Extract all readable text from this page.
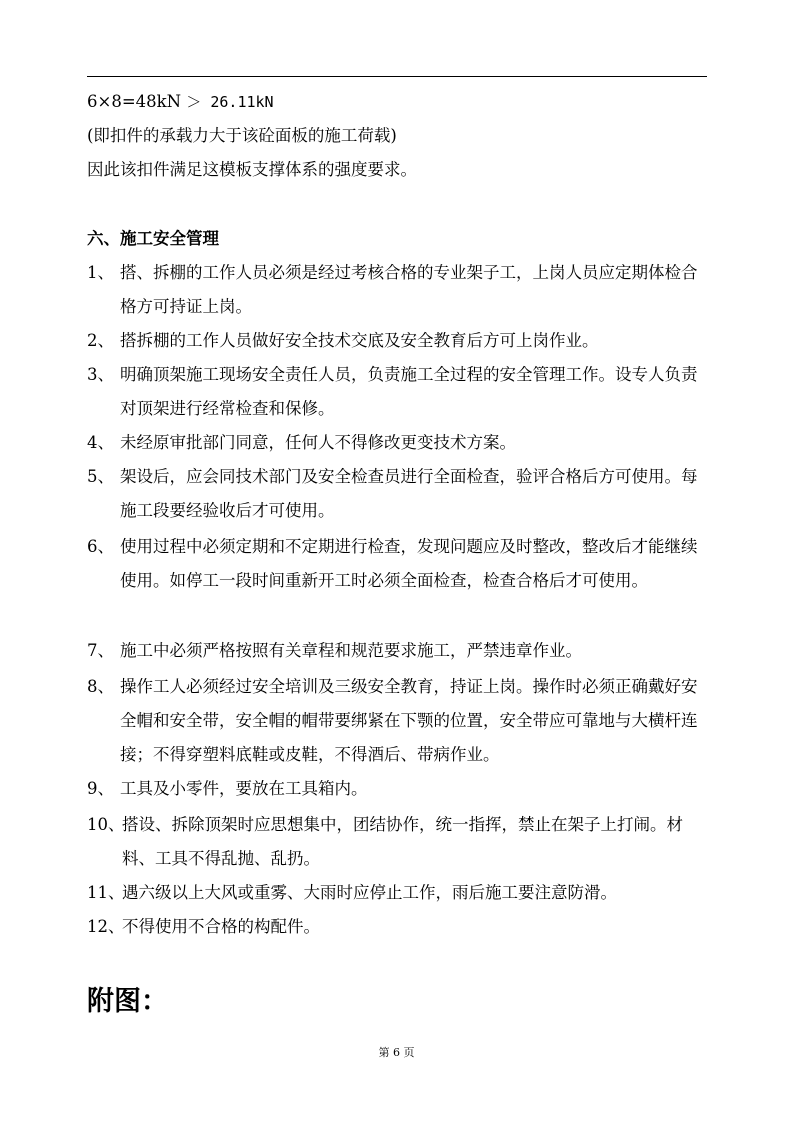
6×8=48kN ＞ 26.11kN
(即扣件的承载力大于该砼面板的施工荷载)
因此该扣件满足这模板支撑体系的强度要求。
六、施工安全管理
1、 搭、拆棚的工作人员必须是经过考核合格的专业架子工，上岗人员应定期体检合格方可持证上岗。
2、 搭拆棚的工作人员做好安全技术交底及安全教育后方可上岗作业。
3、 明确顶架施工现场安全责任人员，负责施工全过程的安全管理工作。设专人负责对顶架进行经常检查和保修。
4、 未经原审批部门同意，任何人不得修改更变技术方案。
5、 架设后，应会同技术部门及安全检查员进行全面检查，验评合格后方可使用。每施工段要经验收后才可使用。
6、 使用过程中必须定期和不定期进行检查，发现问题应及时整改，整改后才能继续使用。如停工一段时间重新开工时必须全面检查，检查合格后才可使用。
7、 施工中必须严格按照有关章程和规范要求施工，严禁违章作业。
8、 操作工人必须经过安全培训及三级安全教育，持证上岗。操作时必须正确戴好安全帽和安全带，安全帽的帽带要绑紧在下颚的位置，安全带应可靠地与大横杆连接；不得穿塑料底鞋或皮鞋，不得酒后、带病作业。
9、 工具及小零件，要放在工具箱内。
10、
搭设、拆除顶架时应思想集中，团结协作，统一指挥，禁止在架子上打闹。材料、工具不得乱抛、乱扔。
11、
遇六级以上大风或重雾、大雨时应停止工作，雨后施工要注意防滑。
12、
不得使用不合格的构配件。
附图：
第 6 页
